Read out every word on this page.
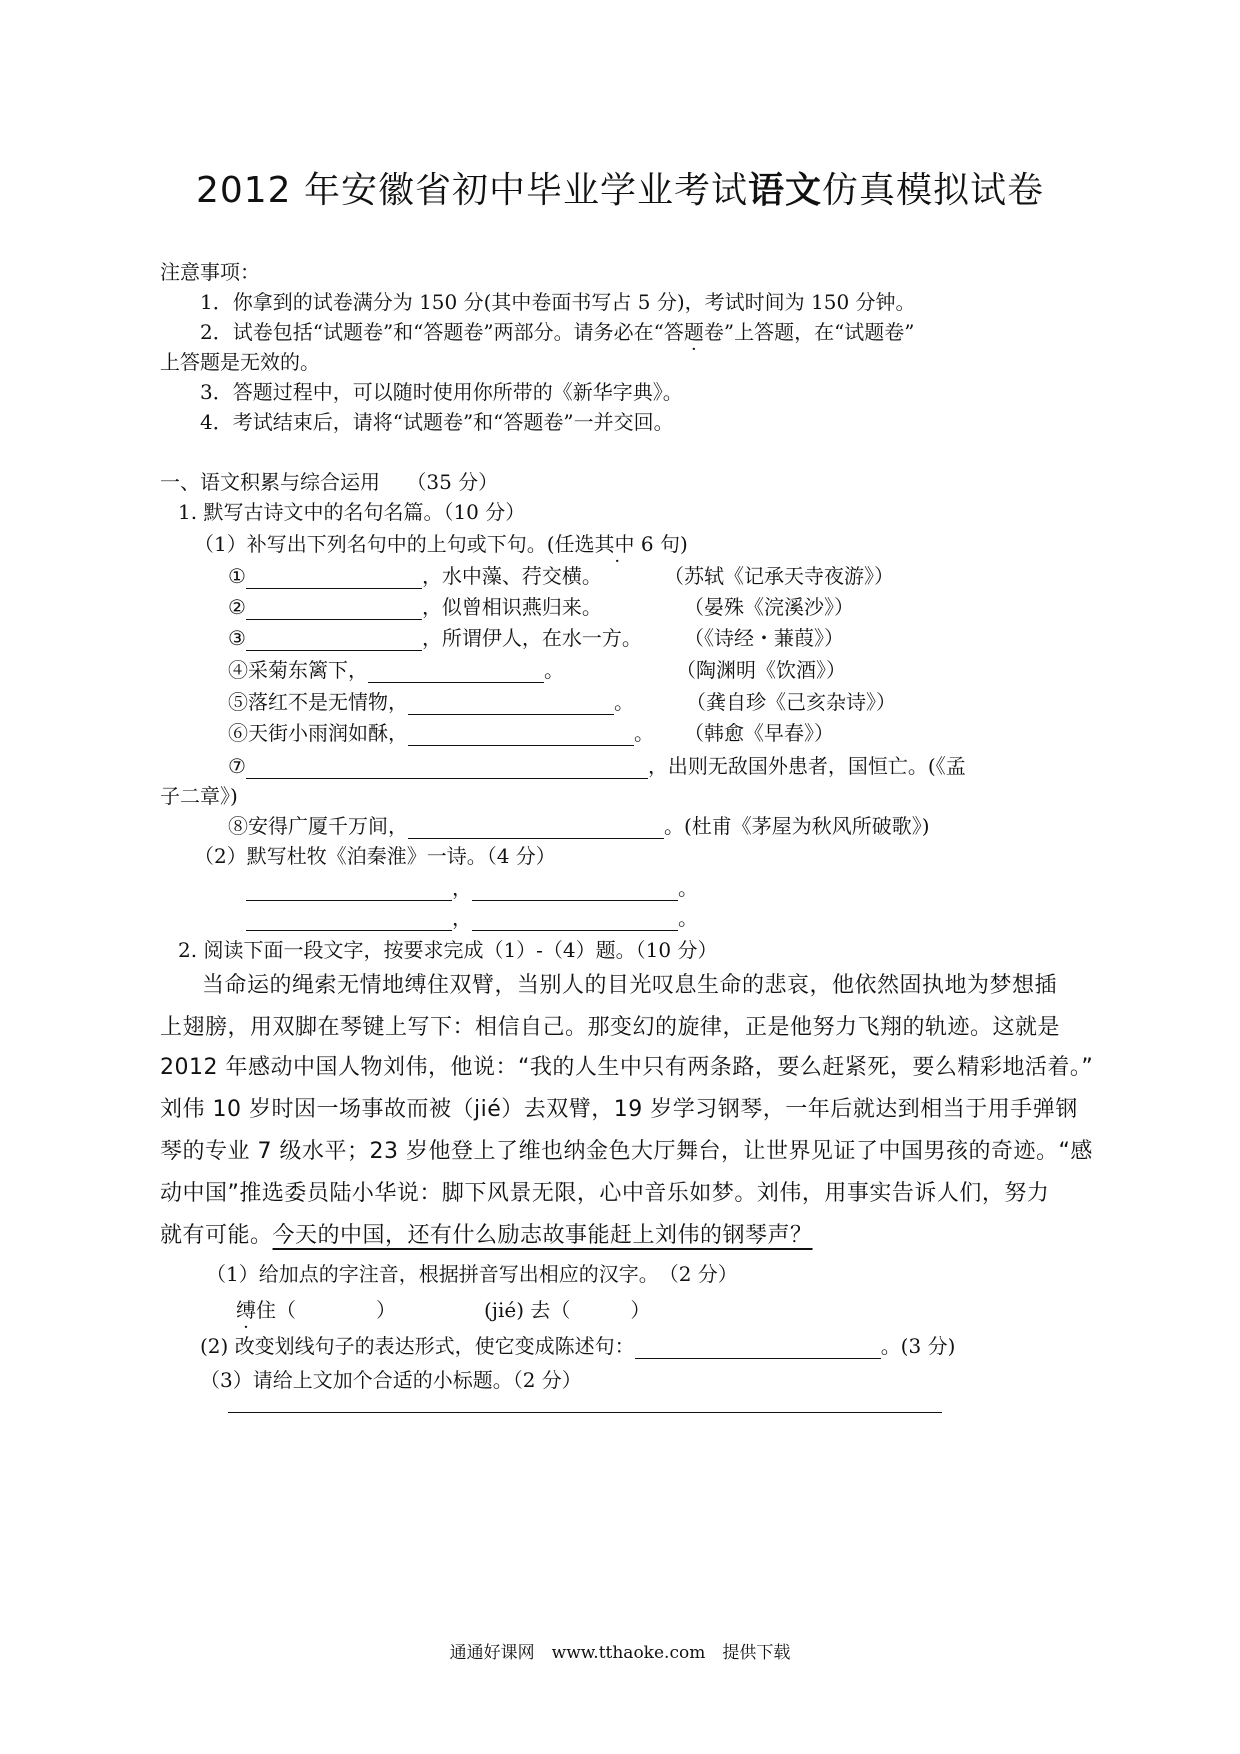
2012 年安徽省初中毕业学业考试语文仿真模拟试卷
注意事项：
1．你拿到的试卷满分为 150 分(其中卷面书写占 5 分)，考试时间为 150 分钟。
2．试卷包括“试题卷”和“答题卷”两部分。请务必在“答题卷”上答题，在“试题卷”
上答题是无效的。
3．答题过程中，可以随时使用你所带的《新华字典》。
4．考试结束后，请将“试题卷”和“答题卷”一并交回。
一、语文积累与综合运用　 （35 分）
1. 默写古诗文中的名句名篇。（10 分）
（1）补写出下列名句中的上句或下句。(任选其中 6 句 ·)
①	，水中藻、荇交横。	（苏轼《记承天寺夜游》）
②	，似曾相识燕归来。	（晏殊《浣溪沙》）
③	，所谓伊人，在水一方。 （《诗经・蒹葭》）
④采菊东篱下，	。	（陶渊明《饮酒》）
⑤落红不是无情物，	。	（龚自珍《己亥杂诗》）
⑥天街小雨润如酥，	。 （韩愈《早春》）
⑦	，出则无敌国外患者，国恒亡。(《孟
子二章》)
⑧安得广厦千万间，	。(杜甫《茅屋为秋风所破歌》)
（2）默写杜牧《泊秦淮》一诗。（4 分）
，	。
，	。
2. 阅读下面一段文字，按要求完成（1）-（4）题。（10 分）
当命运的绳索无情地缚住双臂，当别人的目光叹息生命的悲哀，他依然固执地为梦想插
上翅膀，用双脚在琴键上写下：相信自己。那变幻的旋律，正是他努力飞翔的轨迹。这就是
2012 年感动中国人物刘伟，他说：“我的人生中只有两条路，要么赶紧死，要么精彩地活着。”
刘伟 10 岁时因一场事故而被（jié）去双臂，19 岁学习钢琴，一年后就达到相当于用手弹钢
琴的专业 7 级水平；23 岁他登上了维也纳金色大厅舞台，让世界见证了中国男孩的奇迹。“感
动中国”推选委员陆小华说：脚下风景无限，心中音乐如梦。刘伟，用事实告诉人们，努力
就有可能。今天的中国，还有什么励志故事能赶上刘伟的钢琴声？
（1）给加点的字注音，根据拼音写出相应的汉字。　（2 分）
缚住（　　　　）	(jié) 去（　　　）
(2) 改变划线句子的表达形式，使它变成陈述句：	。(3 分)
（3）请给上文加个合适的小标题。（2 分）
通通好课网　www.tthaoke.com　提供下载
